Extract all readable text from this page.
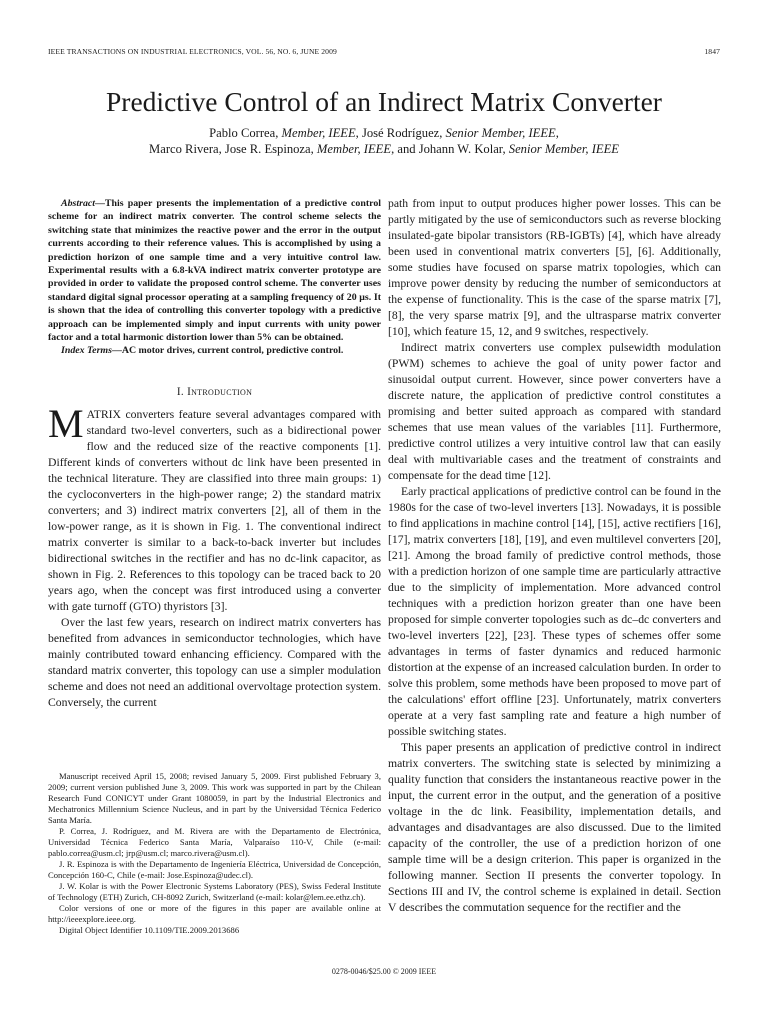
IEEE TRANSACTIONS ON INDUSTRIAL ELECTRONICS, VOL. 56, NO. 6, JUNE 2009	1847
Predictive Control of an Indirect Matrix Converter
Pablo Correa, Member, IEEE, José Rodríguez, Senior Member, IEEE,
Marco Rivera, Jose R. Espinoza, Member, IEEE, and Johann W. Kolar, Senior Member, IEEE

Abstract—This paper presents the implementation of a predictive control scheme for an indirect matrix converter. The control scheme selects the switching state that minimizes the reactive power and the error in the output currents according to their reference values. This is accomplished by using a prediction horizon of one sample time and a very intuitive control law. Experimental results with a 6.8-kVA indirect matrix converter prototype are provided in order to validate the proposed control scheme. The converter uses standard digital signal processor operating at a sampling frequency of 20 μs. It is shown that the idea of controlling this converter topology with a predictive approach can be implemented simply and input currents with unity power factor and a total harmonic distortion lower than 5% can be obtained.

Index Terms—AC motor drives, current control, predictive control.

I. Introduction

MATRIX converters feature several advantages compared with standard two-level converters, such as a bidirectional power flow and the reduced size of the reactive components [1]. Different kinds of converters without dc link have been presented in the technical literature. They are classified into three main groups: 1) the cycloconverters in the high-power range; 2) the standard matrix converters; and 3) indirect matrix converters [2], all of them in the low-power range, as it is shown in Fig. 1. The conventional indirect matrix converter is similar to a back-to-back inverter but includes bidirectional switches in the rectifier and has no dc-link capacitor, as shown in Fig. 2. References to this topology can be traced back to 20 years ago, when the concept was first introduced using a converter with gate turnoff (GTO) thyristors [3].

Over the last few years, research on indirect matrix converters has benefited from advances in semiconductor technologies, which have mainly contributed toward enhancing efficiency. Compared with the standard matrix converter, this topology can use a simpler modulation scheme and does not need an additional overvoltage protection system. Conversely, the current

Manuscript received April 15, 2008; revised January 5, 2009. First published February 3, 2009; current version published June 3, 2009. This work was supported in part by the Chilean Research Fund CONICYT under Grant 1080059, in part by the Industrial Electronics and Mechatronics Millennium Science Nucleus, and in part by the Universidad Técnica Federico Santa María.

P. Correa, J. Rodríguez, and M. Rivera are with the Departamento de Electrónica, Universidad Técnica Federico Santa María, Valparaíso 110-V, Chile (e-mail: pablo.correa@usm.cl; jrp@usm.cl; marco.rivera@usm.cl).

J. R. Espinoza is with the Departamento de Ingeniería Eléctrica, Universidad de Concepción, Concepción 160-C, Chile (e-mail: Jose.Espinoza@udec.cl).

J. W. Kolar is with the Power Electronic Systems Laboratory (PES), Swiss Federal Institute of Technology (ETH) Zurich, CH-8092 Zurich, Switzerland (e-mail: kolar@lem.ee.ethz.ch).

Color versions of one or more of the figures in this paper are available online at http://ieeexplore.ieee.org.

Digital Object Identifier 10.1109/TIE.2009.2013686

path from input to output produces higher power losses. This can be partly mitigated by the use of semiconductors such as reverse blocking insulated-gate bipolar transistors (RB-IGBTs) [4], which have already been used in conventional matrix converters [5], [6]. Additionally, some studies have focused on sparse matrix topologies, which can improve power density by reducing the number of semiconductors at the expense of functionality. This is the case of the sparse matrix [7], [8], the very sparse matrix [9], and the ultrasparse matrix converter [10], which feature 15, 12, and 9 switches, respectively.

Indirect matrix converters use complex pulsewidth modulation (PWM) schemes to achieve the goal of unity power factor and sinusoidal output current. However, since power converters have a discrete nature, the application of predictive control constitutes a promising and better suited approach as compared with standard schemes that use mean values of the variables [11]. Furthermore, predictive control utilizes a very intuitive control law that can easily deal with multivariable cases and the treatment of constraints and compensate for the dead time [12].

Early practical applications of predictive control can be found in the 1980s for the case of two-level inverters [13]. Nowadays, it is possible to find applications in machine control [14], [15], active rectifiers [16], [17], matrix converters [18], [19], and even multilevel converters [20], [21]. Among the broad family of predictive control methods, those with a prediction horizon of one sample time are particularly attractive due to the simplicity of implementation. More advanced control techniques with a prediction horizon greater than one have been proposed for simple converter topologies such as dc–dc converters and two-level inverters [22], [23]. These types of schemes offer some advantages in terms of faster dynamics and reduced harmonic distortion at the expense of an increased calculation burden. In order to solve this problem, some methods have been proposed to move part of the calculations' effort offline [23]. Unfortunately, matrix converters operate at a very fast sampling rate and feature a high number of possible switching states.

This paper presents an application of predictive control in indirect matrix converters. The switching state is selected by minimizing a quality function that considers the instantaneous reactive power in the input, the current error in the output, and the generation of a positive voltage in the dc link. Feasibility, implementation details, and advantages and disadvantages are also discussed. Due to the limited capacity of the controller, the use of a prediction horizon of one sample time will be a design criterion. This paper is organized in the following manner. Section II presents the converter topology. In Sections III and IV, the control scheme is explained in detail. Section V describes the commutation sequence for the rectifier and the

0278-0046/$25.00 © 2009 IEEE
